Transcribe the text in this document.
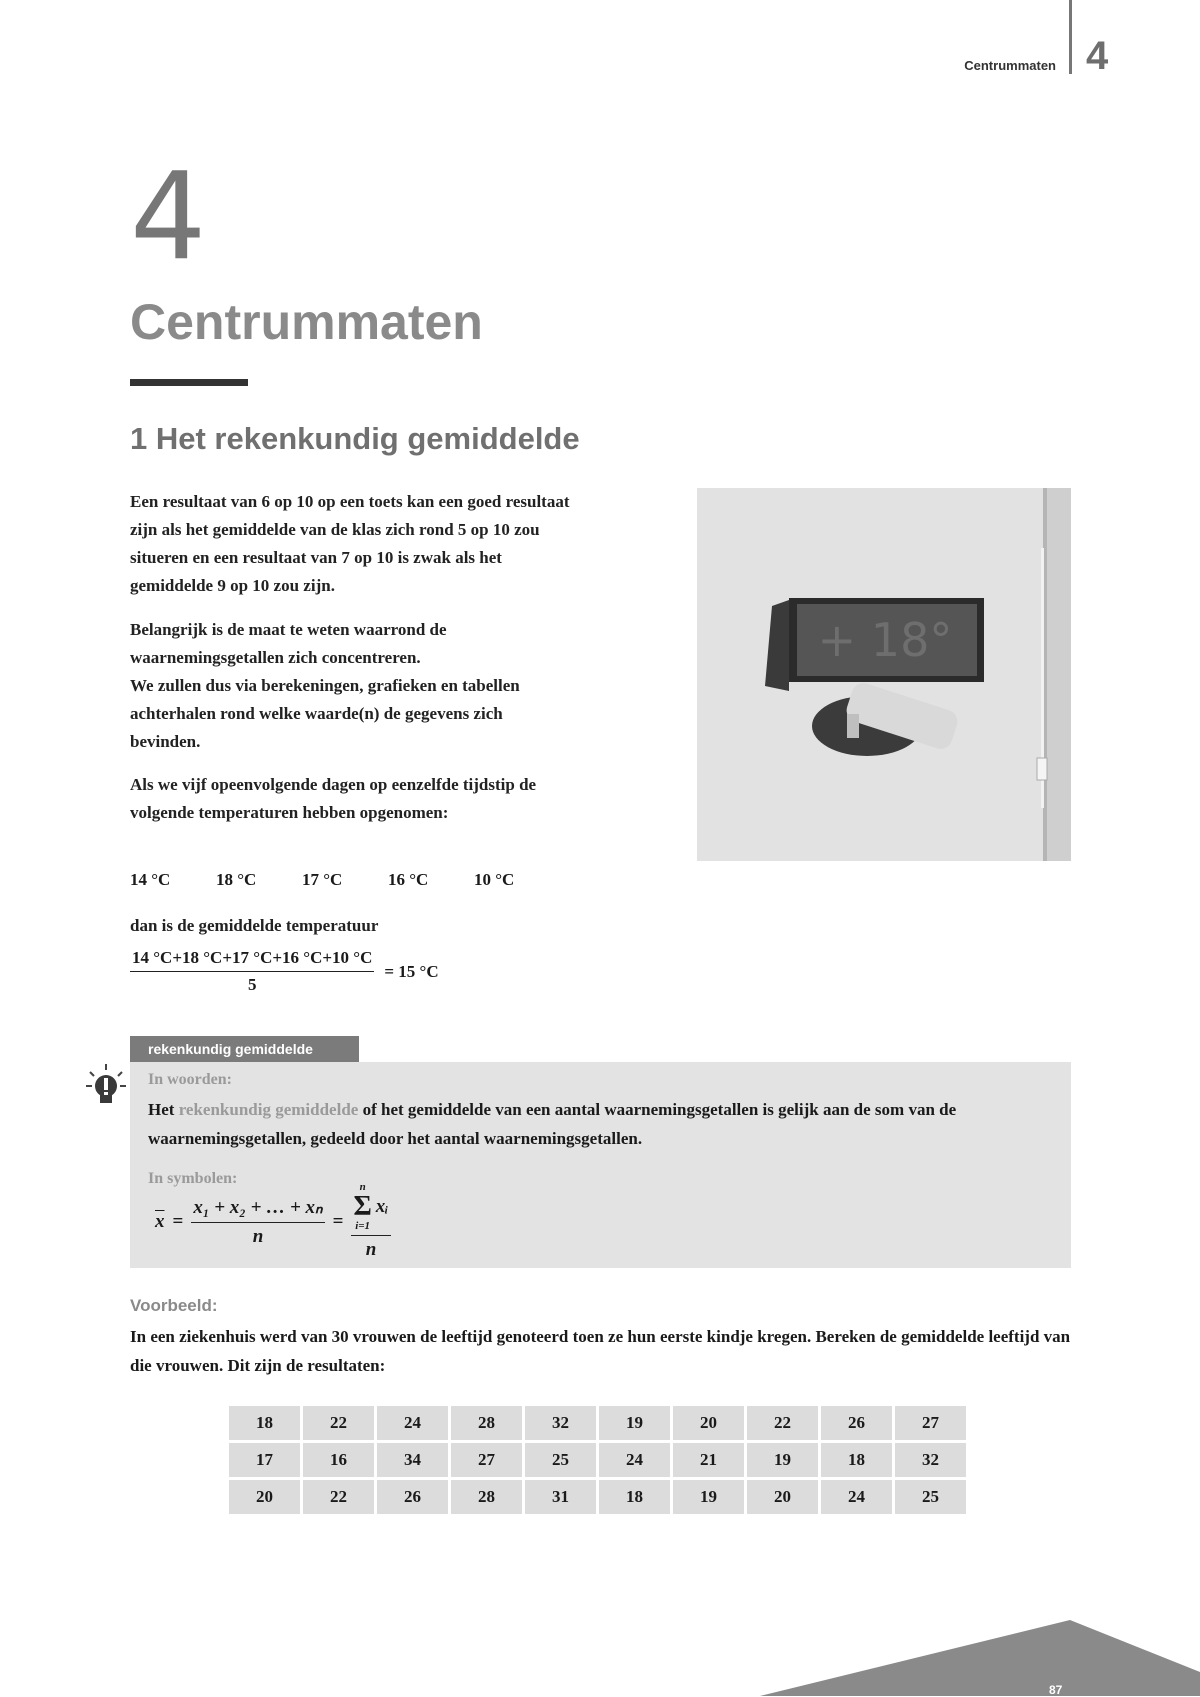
Centrummaten 4
4
Centrummaten
1 Het rekenkundig gemiddelde

Een resultaat van 6 op 10 op een toets kan een goed resultaat zijn als het gemiddelde van de klas zich rond 5 op 10 zou situeren en een resultaat van 7 op 10 is zwak als het gemiddelde 9 op 10 zou zijn.

Belangrijk is de maat te weten waarrond de waarnemingsgetallen zich concentreren.
We zullen dus via berekeningen, grafieken en tabellen achterhalen rond welke waarde(n) de gegevens zich bevinden.

Als we vijf opeenvolgende dagen op eenzelfde tijdstip de volgende temperaturen hebben opgenomen:

14 °C	18 °C	17 °C	16 °C	10 °C

dan is de gemiddelde temperatuur

$\frac{14 ^\circ C+18 ^\circ C+17 ^\circ C+16 ^\circ C+10 ^\circ C}{5} = 15$ °C
+ 18°
rekenkundig gemiddelde
In woorden:

Het rekenkundig gemiddelde of het gemiddelde van een aantal waarnemingsgetallen is gelijk aan de som van de waarnemingsgetallen, gedeeld door het aantal waarnemingsgetallen.

In symbolen:
$\overline{x} = \frac{\text{x₁ + x₂ + … + xₙ}}{n} = n$
Σ
i=1
xᵢ
n
Voorbeeld:

In een ziekenhuis werd van 30 vrouwen de leeftijd genoteerd toen ze hun eerste kindje kregen. Bereken de gemiddelde leeftijd van die vrouwen. Dit zijn de resultaten:

18	22	24	28	32	19	20	22	26	27
17	16	34	27	25	24	21	19	18	32
20	22	26	28	31	18	19	20	24	25
87
